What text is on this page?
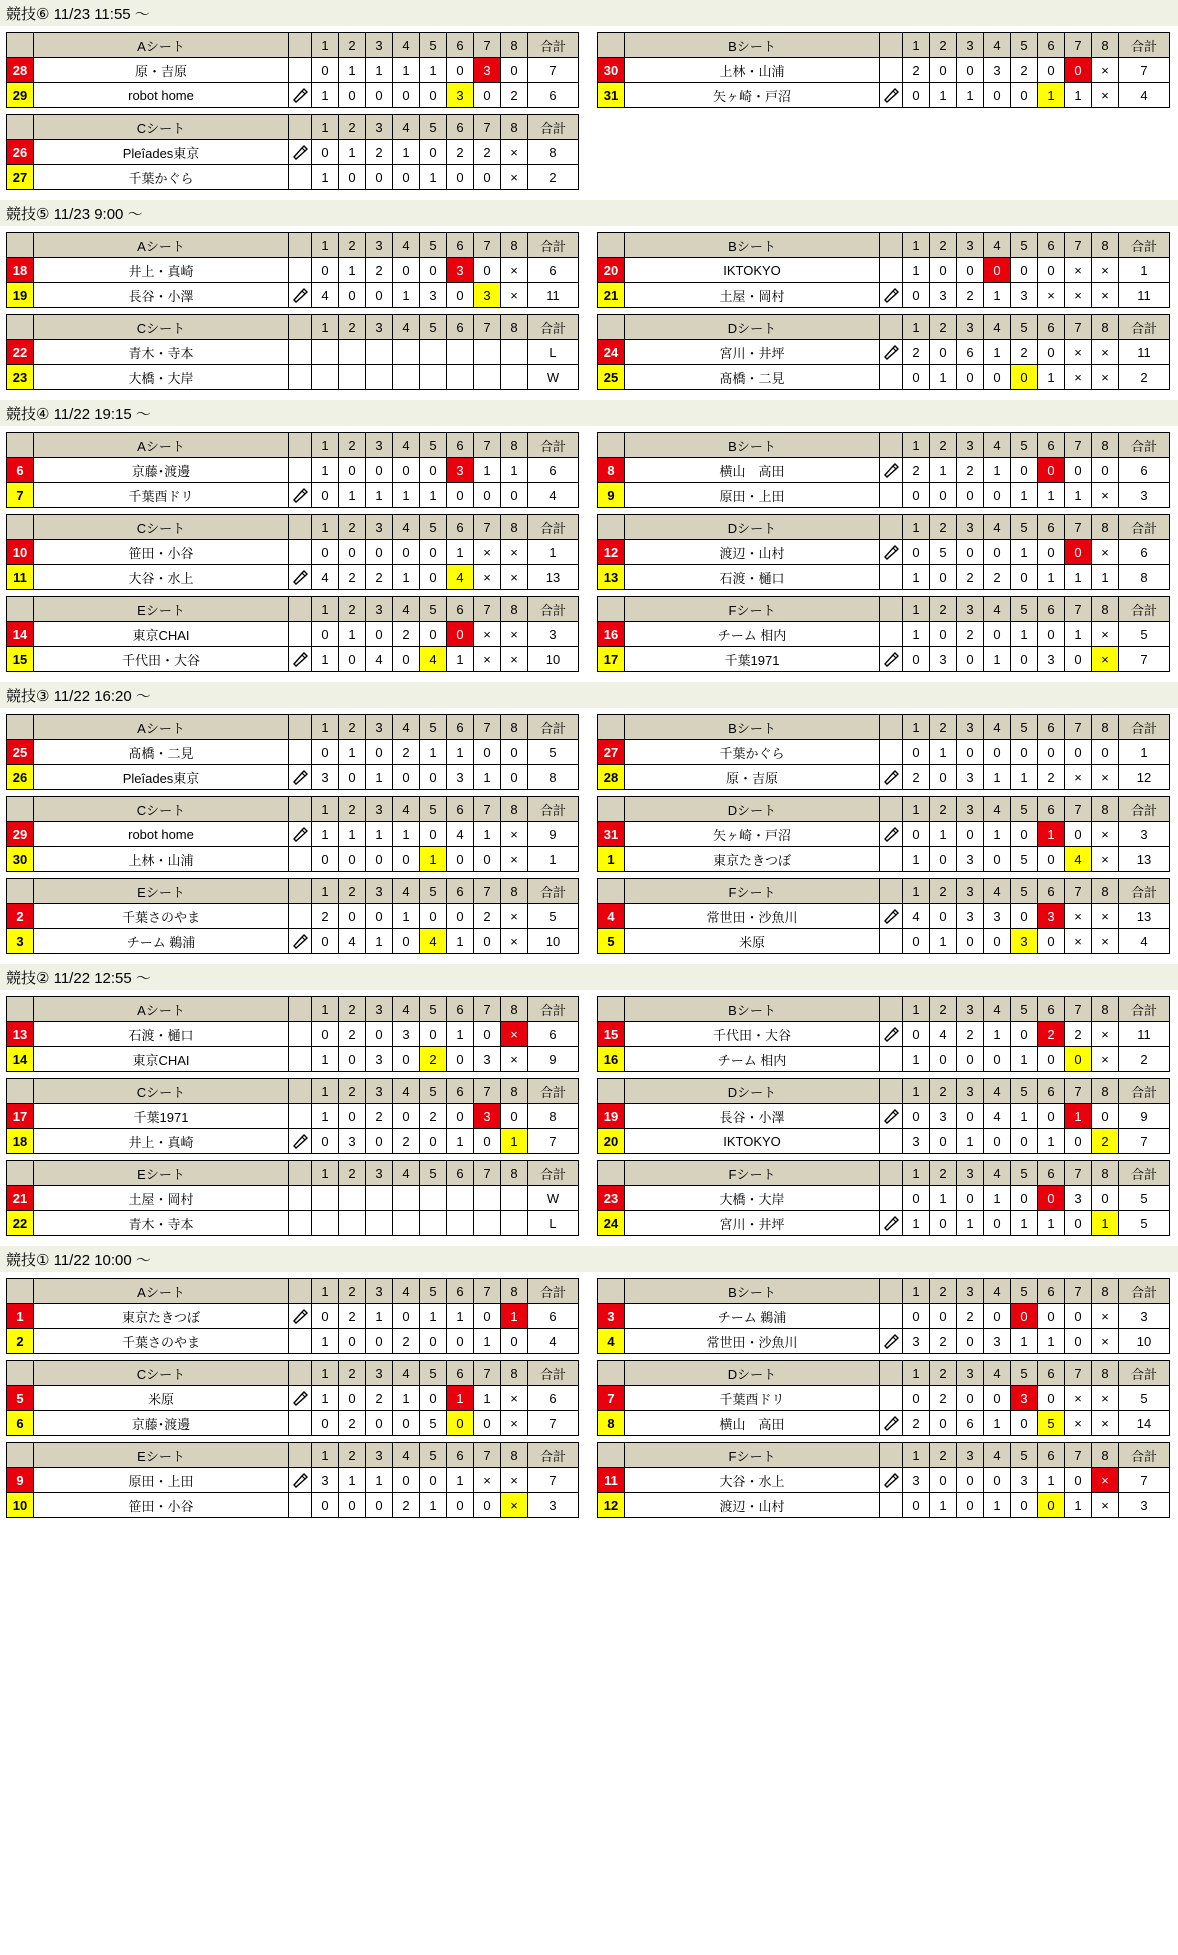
競技⑥ 11/23 11:55 ～
	Aシート		1	2	3	4	5	6	7	8	合計
28	原・吉原		0	1	1	1	1	0	3	0	7
29	robot home		1	0	0	0	0	3	0	2	6
	Bシート		1	2	3	4	5	6	7	8	合計
30	上林・山浦		2	0	0	3	2	0	0	×	7
31	矢ヶ崎・戸沼		0	1	1	0	0	1	1	×	4
	Cシート		1	2	3	4	5	6	7	8	合計
26	Pleîades東京		0	1	2	1	0	2	2	×	8
27	千葉かぐら		1	0	0	0	1	0	0	×	2
競技⑤ 11/23 9:00 ～
	Aシート		1	2	3	4	5	6	7	8	合計
18	井上・真崎		0	1	2	0	0	3	0	×	6
19	長谷・小澤		4	0	0	1	3	0	3	×	11
	Bシート		1	2	3	4	5	6	7	8	合計
20	IKTOKYO		1	0	0	0	0	0	×	×	1
21	土屋・岡村		0	3	2	1	3	×	×	×	11
	Cシート		1	2	3	4	5	6	7	8	合計
22	青木・寺本										L
23	大橋・大岸										W
	Dシート		1	2	3	4	5	6	7	8	合計
24	宮川・井坪		2	0	6	1	2	0	×	×	11
25	髙橋・二見		0	1	0	0	0	1	×	×	2
競技④ 11/22 19:15 ～
	Aシート		1	2	3	4	5	6	7	8	合計
6	京藤･渡邊		1	0	0	0	0	3	1	1	6
7	千葉酉ドリ		0	1	1	1	1	0	0	0	4
	Bシート		1	2	3	4	5	6	7	8	合計
8	横山　高田		2	1	2	1	0	0	0	0	6
9	原田・上田		0	0	0	0	1	1	1	×	3
	Cシート		1	2	3	4	5	6	7	8	合計
10	笹田・小谷		0	0	0	0	0	1	×	×	1
11	大谷・水上		4	2	2	1	0	4	×	×	13
	Dシート		1	2	3	4	5	6	7	8	合計
12	渡辺・山村		0	5	0	0	1	0	0	×	6
13	石渡・樋口		1	0	2	2	0	1	1	1	8
	Eシート		1	2	3	4	5	6	7	8	合計
14	東京CHAI		0	1	0	2	0	0	×	×	3
15	千代田・大谷		1	0	4	0	4	1	×	×	10
	Fシート		1	2	3	4	5	6	7	8	合計
16	チーム 相内		1	0	2	0	1	0	1	×	5
17	千葉1971		0	3	0	1	0	3	0	×	7
競技③ 11/22 16:20 ～
	Aシート		1	2	3	4	5	6	7	8	合計
25	髙橋・二見		0	1	0	2	1	1	0	0	5
26	Pleîades東京		3	0	1	0	0	3	1	0	8
	Bシート		1	2	3	4	5	6	7	8	合計
27	千葉かぐら		0	1	0	0	0	0	0	0	1
28	原・吉原		2	0	3	1	1	2	×	×	12
	Cシート		1	2	3	4	5	6	7	8	合計
29	robot home		1	1	1	1	0	4	1	×	9
30	上林・山浦		0	0	0	0	1	0	0	×	1
	Dシート		1	2	3	4	5	6	7	8	合計
31	矢ヶ崎・戸沼		0	1	0	1	0	1	0	×	3
1	東京たきつぼ		1	0	3	0	5	0	4	×	13
	Eシート		1	2	3	4	5	6	7	8	合計
2	千葉さのやま		2	0	0	1	0	0	2	×	5
3	チーム 鵜浦		0	4	1	0	4	1	0	×	10
	Fシート		1	2	3	4	5	6	7	8	合計
4	常世田・沙魚川		4	0	3	3	0	3	×	×	13
5	米原		0	1	0	0	3	0	×	×	4
競技② 11/22 12:55 ～
	Aシート		1	2	3	4	5	6	7	8	合計
13	石渡・樋口		0	2	0	3	0	1	0	×	6
14	東京CHAI		1	0	3	0	2	0	3	×	9
	Bシート		1	2	3	4	5	6	7	8	合計
15	千代田・大谷		0	4	2	1	0	2	2	×	11
16	チーム 相内		1	0	0	0	1	0	0	×	2
	Cシート		1	2	3	4	5	6	7	8	合計
17	千葉1971		1	0	2	0	2	0	3	0	8
18	井上・真崎		0	3	0	2	0	1	0	1	7
	Dシート		1	2	3	4	5	6	7	8	合計
19	長谷・小澤		0	3	0	4	1	0	1	0	9
20	IKTOKYO		3	0	1	0	0	1	0	2	7
	Eシート		1	2	3	4	5	6	7	8	合計
21	土屋・岡村										W
22	青木・寺本										L
	Fシート		1	2	3	4	5	6	7	8	合計
23	大橋・大岸		0	1	0	1	0	0	3	0	5
24	宮川・井坪		1	0	1	0	1	1	0	1	5
競技① 11/22 10:00 ～
	Aシート		1	2	3	4	5	6	7	8	合計
1	東京たきつぼ		0	2	1	0	1	1	0	1	6
2	千葉さのやま		1	0	0	2	0	0	1	0	4
	Bシート		1	2	3	4	5	6	7	8	合計
3	チーム 鵜浦		0	0	2	0	0	0	0	×	3
4	常世田・沙魚川		3	2	0	3	1	1	0	×	10
	Cシート		1	2	3	4	5	6	7	8	合計
5	米原		1	0	2	1	0	1	1	×	6
6	京藤･渡邊		0	2	0	0	5	0	0	×	7
	Dシート		1	2	3	4	5	6	7	8	合計
7	千葉酉ドリ		0	2	0	0	3	0	×	×	5
8	横山　高田		2	0	6	1	0	5	×	×	14
	Eシート		1	2	3	4	5	6	7	8	合計
9	原田・上田		3	1	1	0	0	1	×	×	7
10	笹田・小谷		0	0	0	2	1	0	0	×	3
	Fシート		1	2	3	4	5	6	7	8	合計
11	大谷・水上		3	0	0	0	3	1	0	×	7
12	渡辺・山村		0	1	0	1	0	0	1	×	3
